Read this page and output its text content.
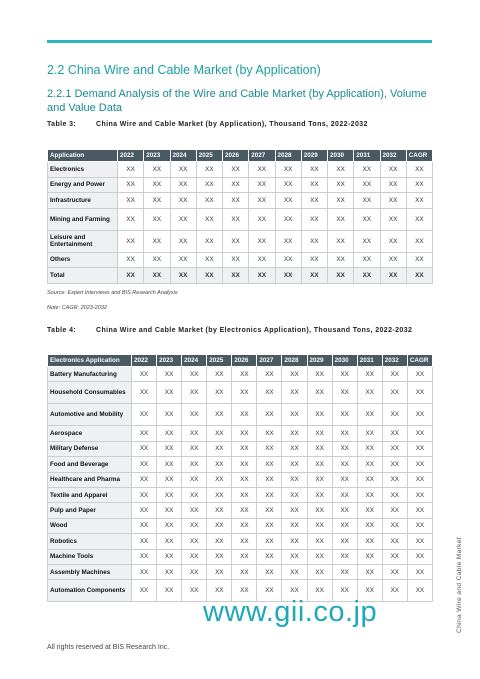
2.2 China Wire and Cable Market (by Application)
2.2.1 Demand Analysis of the Wire and Cable Market (by Application), Volume and Value Data
Table 3:	China Wire and Cable Market (by Application), Thousand Tons, 2022-2032
Application	2022	2023	2024	2025	2026	2027	2028	2029	2030	2031	2032	CAGR
Electronics	XX	XX	XX	XX	XX	XX	XX	XX	XX	XX	XX	XX
Energy and Power	XX	XX	XX	XX	XX	XX	XX	XX	XX	XX	XX	XX
Infrastructure	XX	XX	XX	XX	XX	XX	XX	XX	XX	XX	XX	XX
Mining and Farming	XX	XX	XX	XX	XX	XX	XX	XX	XX	XX	XX	XX
Leisure and Entertainment	XX	XX	XX	XX	XX	XX	XX	XX	XX	XX	XX	XX
Others	XX	XX	XX	XX	XX	XX	XX	XX	XX	XX	XX	XX
Total	XX	XX	XX	XX	XX	XX	XX	XX	XX	XX	XX	XX
Source: Expert Interviews and BIS Research Analysis
Note: CAGR: 2023-2032
Table 4:	China Wire and Cable Market (by Electronics Application), Thousand Tons, 2022-2032
Electronics Application	2022	2023	2024	2025	2026	2027	2028	2029	2030	2031	2032	CAGR
Battery Manufacturing	XX	XX	XX	XX	XX	XX	XX	XX	XX	XX	XX	XX
Household Consumables	XX	XX	XX	XX	XX	XX	XX	XX	XX	XX	XX	XX
Automotive and Mobility	XX	XX	XX	XX	XX	XX	XX	XX	XX	XX	XX	XX
Aerospace	XX	XX	XX	XX	XX	XX	XX	XX	XX	XX	XX	XX
Military Defense	XX	XX	XX	XX	XX	XX	XX	XX	XX	XX	XX	XX
Food and Beverage	XX	XX	XX	XX	XX	XX	XX	XX	XX	XX	XX	XX
Healthcare and Pharma	XX	XX	XX	XX	XX	XX	XX	XX	XX	XX	XX	XX
Textile and Apparel	XX	XX	XX	XX	XX	XX	XX	XX	XX	XX	XX	XX
Pulp and Paper	XX	XX	XX	XX	XX	XX	XX	XX	XX	XX	XX	XX
Wood	XX	XX	XX	XX	XX	XX	XX	XX	XX	XX	XX	XX
Robotics	XX	XX	XX	XX	XX	XX	XX	XX	XX	XX	XX	XX
Machine Tools	XX	XX	XX	XX	XX	XX	XX	XX	XX	XX	XX	XX
Assembly Machines	XX	XX	XX	XX	XX	XX	XX	XX	XX	XX	XX	XX
Automation Components	XX	XX	XX	XX	XX	XX	XX	XX	XX	XX	XX	XX
All rights reserved at BIS Research Inc.
China Wire and Cable Market
www.gii.co.jp
